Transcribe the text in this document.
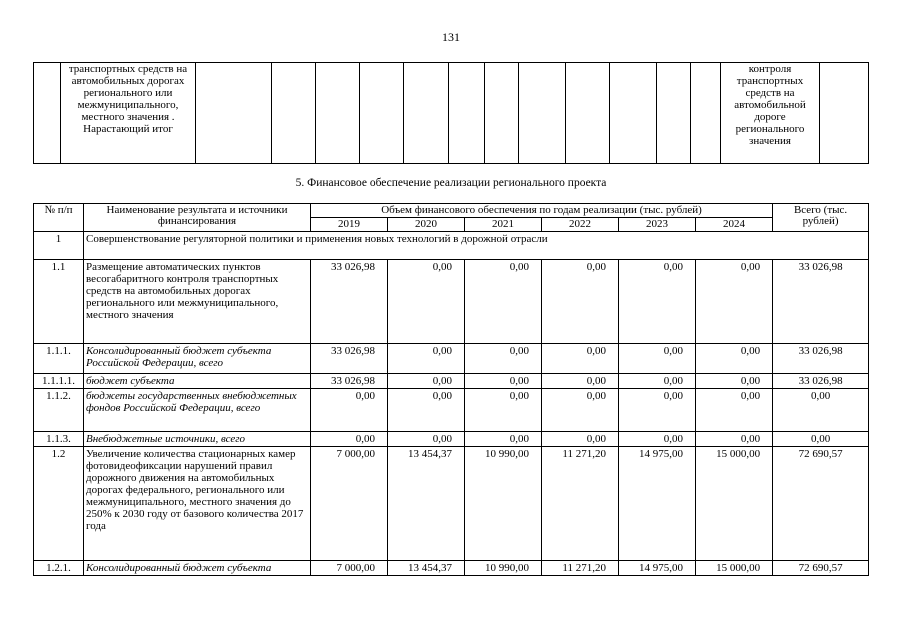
131
	транспортных средств на автомобильных дорогах регионального или межмуниципального, местного значения . Нарастающий итог													контроля транспортных средств на автомобильной дороге регионального значения	
5. Финансовое обеспечение реализации регионального проекта
№ п/п	Наименование результата и источники финансирования	Объем финансового обеспечения по годам реализации (тыс. рублей)						Всего (тыс. рублей)
		2019	2020	2021	2022	2023	2024	
1	Совершенствование регуляторной политики и применения новых технологий в дорожной отрасли							
1.1	Размещение автоматических пунктов весогабаритного контроля транспортных средств на автомобильных дорогах регионального или межмуниципального, местного значения	33 026,98	0,00	0,00	0,00	0,00	0,00	33 026,98
1.1.1.	Консолидированный бюджет субъекта Российской Федерации, всего	33 026,98	0,00	0,00	0,00	0,00	0,00	33 026,98
1.1.1.1.	бюджет субъекта	33 026,98	0,00	0,00	0,00	0,00	0,00	33 026,98
1.1.2.	бюджеты государственных внебюджетных фондов Российской Федерации, всего	0,00	0,00	0,00	0,00	0,00	0,00	0,00
1.1.3.	Внебюджетные источники, всего	0,00	0,00	0,00	0,00	0,00	0,00	0,00
1.2	Увеличение количества стационарных камер фотовидеофиксации нарушений правил дорожного движения на автомобильных дорогах федерального, регионального или межмуниципального, местного значения до 250% к 2030 году от базового количества 2017 года	7 000,00	13 454,37	10 990,00	11 271,20	14 975,00	15 000,00	72 690,57
1.2.1.	Консолидированный бюджет субъекта	7 000,00	13 454,37	10 990,00	11 271,20	14 975,00	15 000,00	72 690,57
